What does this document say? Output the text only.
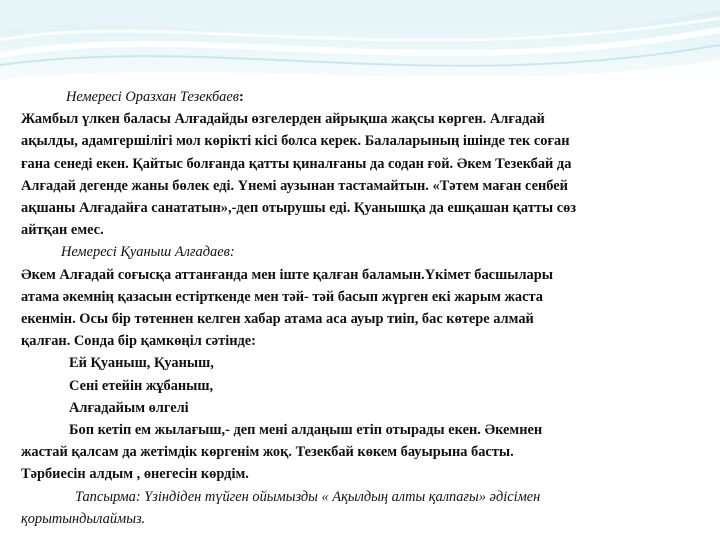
Немересі Оразхан Тезекбаев:
Жамбыл үлкен баласы Алғадайды өзгелерден айрықша жақсы көрген. Алғадай
ақылды, адамгершілігі мол көрікті кісі болса керек. Балаларының ішінде тек соған
ғана сенеді екен. Қайтыс болғанда қатты қиналғаны да содан ғой. Әкем Тезекбай да
Алғадай дегенде жаны бөлек еді. Үнемі аузынан тастамайтын. «Тәтем маған сенбей
ақшаны Алғадайға санататын»,-деп отырушы еді. Қуанышқа да ешқашан қатты сөз
айтқан емес.
Немересі Қуаныш Алғадаев:
Әкем Алғадай соғысқа аттанғанда мен іште қалған баламын.Үкімет басшылары
атама әкемнің қазасын естірткенде мен тәй- тәй басып жүрген екі жарым жаста
екенмін. Осы бір төтеннен келген хабар атама аса ауыр тиіп, бас көтере алмай
қалған. Сонда бір қамкөңіл сәтінде:
Ей Қуаныш, Қуаныш,
Сені етейін жұбаныш,
Алғадайым өлгелі
Боп кетіп ем жылағыш,- деп мені алдаңыш етіп отырады екен. Әкемнен
жастай қалсам да жетімдік көргенім жоқ. Тезекбай көкем бауырына басты.
Тәрбиесін алдым , өнегесін көрдім.
Тапсырма: Үзіндіден түйген ойымызды « Ақылдың алты қалпағы» әдісімен
қорытындылаймыз.
